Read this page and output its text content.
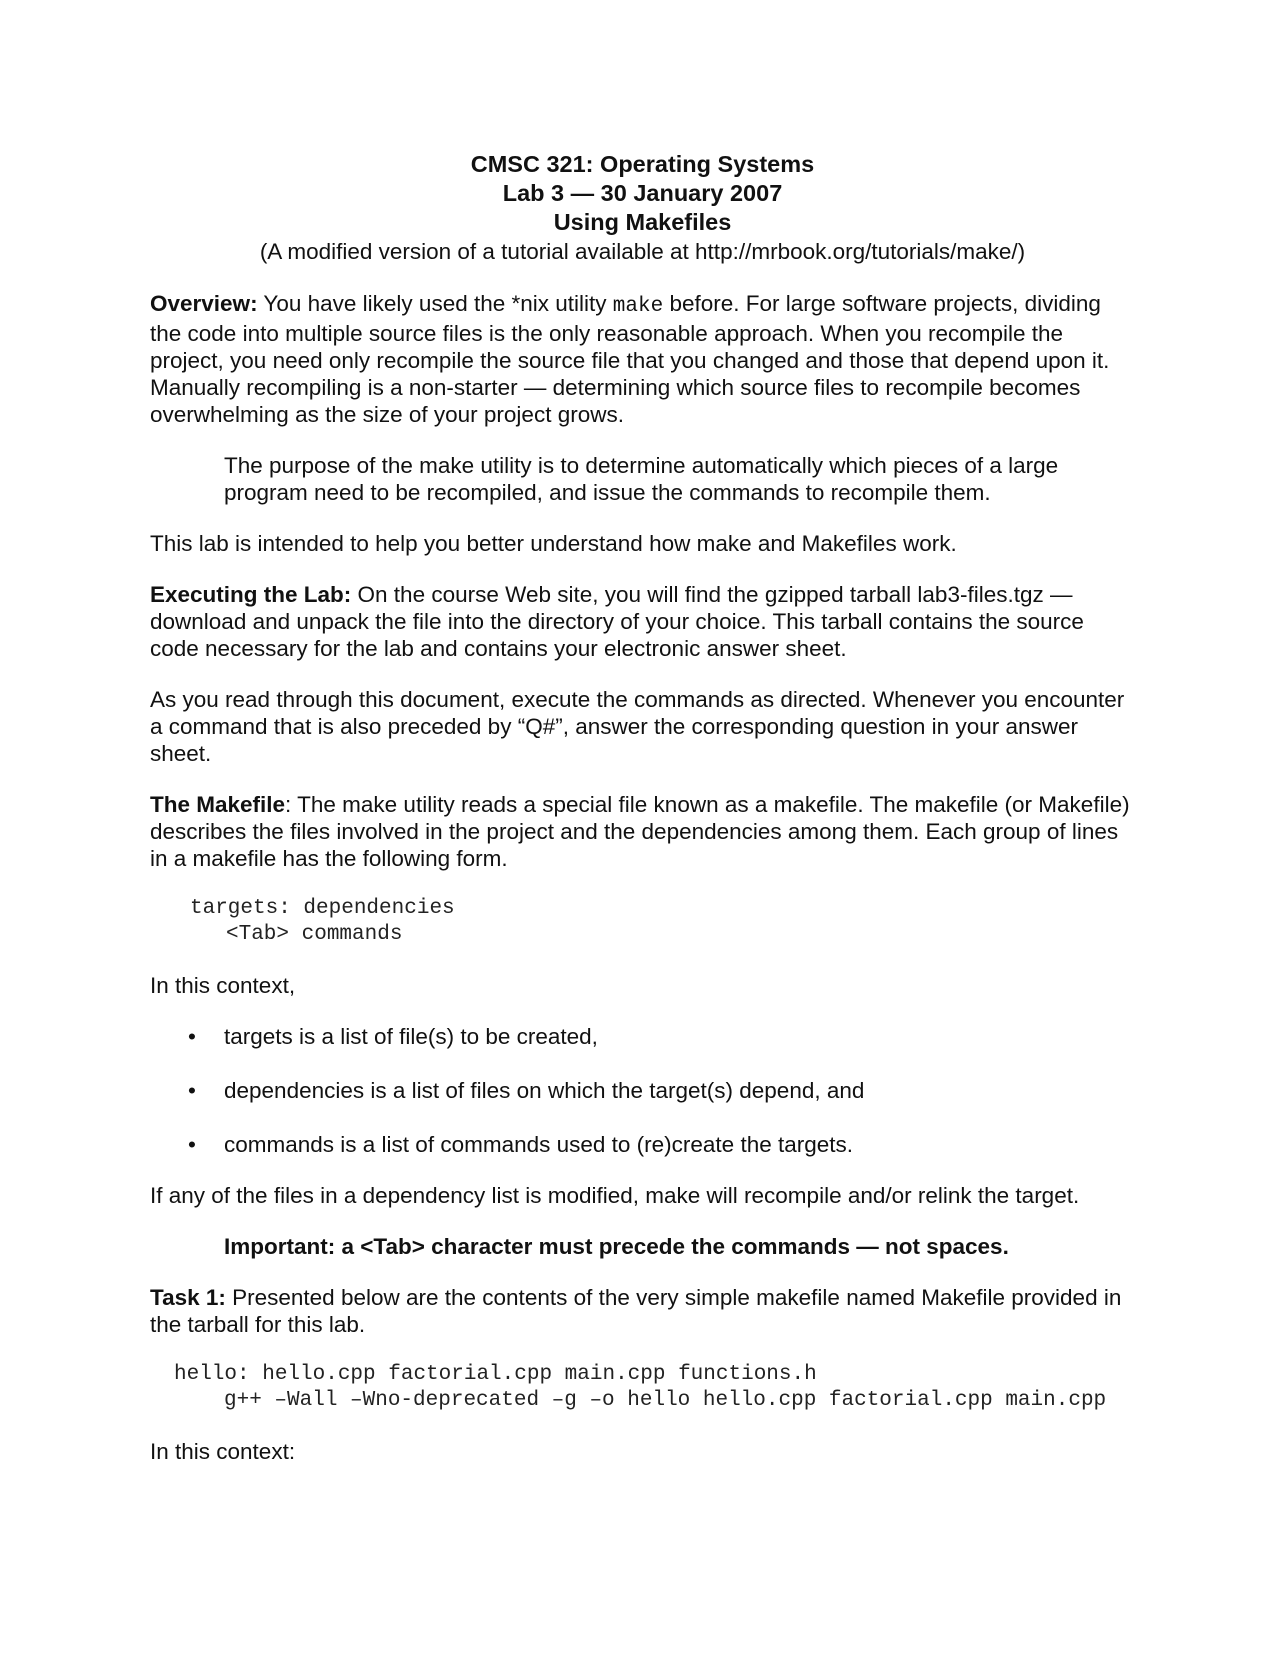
CMSC 321: Operating Systems

Lab 3 — 30 January 2007

Using Makefiles

(A modified version of a tutorial available at http://mrbook.org/tutorials/make/)

Overview: You have likely used the *nix utility make before. For large software projects, dividing the code into multiple source files is the only reasonable approach. When you recompile the project, you need only recompile the source file that you changed and those that depend upon it. Manually recompiling is a non-starter — determining which source files to recompile becomes overwhelming as the size of your project grows.

The purpose of the make utility is to determine automatically which pieces of a large program need to be recompiled, and issue the commands to recompile them.

This lab is intended to help you better understand how make and Makefiles work.

Executing the Lab: On the course Web site, you will find the gzipped tarball lab3-files.tgz — download and unpack the file into the directory of your choice. This tarball contains the source code necessary for the lab and contains your electronic answer sheet.

As you read through this document, execute the commands as directed. Whenever you encounter a command that is also preceded by “Q#”, answer the corresponding question in your answer sheet.

The Makefile: The make utility reads a special file known as a makefile. The makefile (or Makefile) describes the files involved in the project and the dependencies among them. Each group of lines in a makefile has the following form.

targets: dependencies
<Tab> commands

In this context,

• targets is a list of file(s) to be created,
• dependencies is a list of files on which the target(s) depend, and
• commands is a list of commands used to (re)create the targets.

If any of the files in a dependency list is modified, make will recompile and/or relink the target.

Important: a <Tab> character must precede the commands — not spaces.

Task 1: Presented below are the contents of the very simple makefile named Makefile provided in the tarball for this lab.

hello: hello.cpp factorial.cpp main.cpp functions.h
g++ –Wall –Wno-deprecated –g –o hello hello.cpp factorial.cpp main.cpp

In this context:
